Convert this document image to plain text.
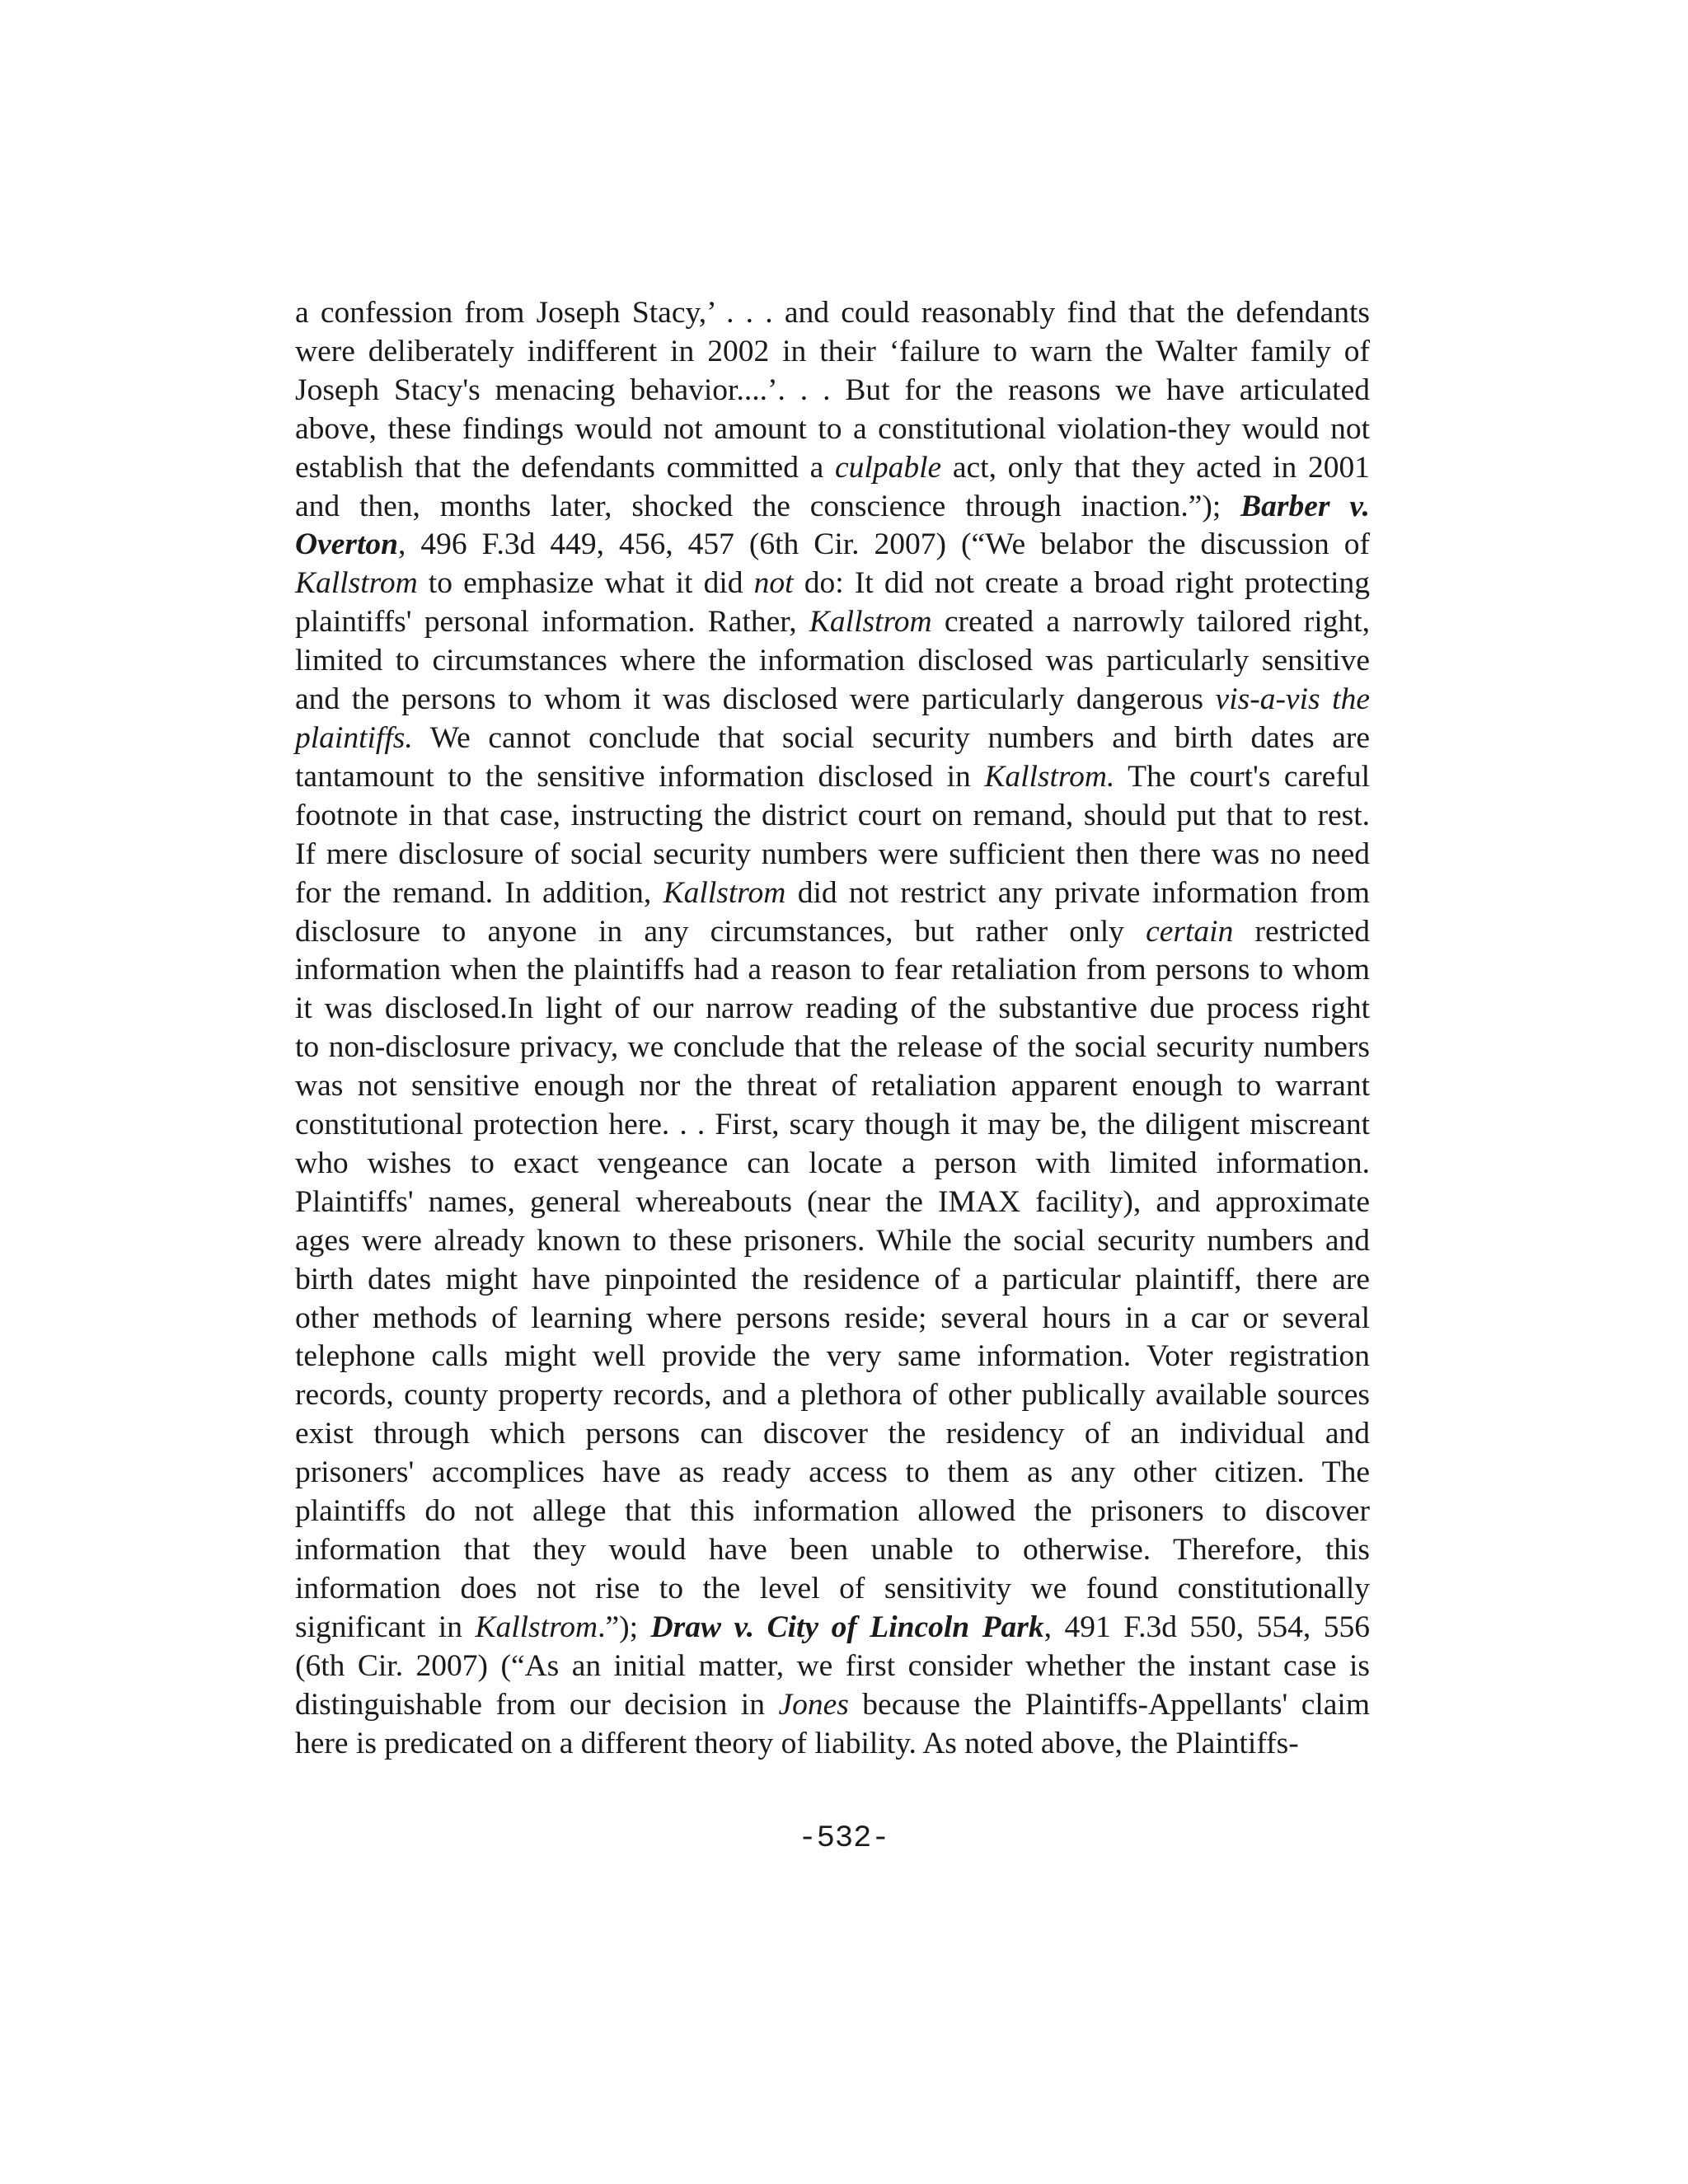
a confession from Joseph Stacy,’ . . . and could reasonably find that the defendants
were deliberately indifferent in 2002 in their ‘failure to warn the Walter family of
Joseph Stacy's menacing behavior....’. . . But for the reasons we have articulated
above, these findings would not amount to a constitutional violation-they would not
establish that the defendants committed a culpable act, only that they acted in 2001
and then, months later, shocked the conscience through inaction.”); Barber v.
Overton, 496 F.3d 449, 456, 457 (6th Cir. 2007) (“We belabor the discussion of
Kallstrom to emphasize what it did not do: It did not create a broad right protecting
plaintiffs' personal information. Rather, Kallstrom created a narrowly tailored right,
limited to circumstances where the information disclosed was particularly sensitive
and the persons to whom it was disclosed were particularly dangerous vis-a-vis the
plaintiffs. We cannot conclude that social security numbers and birth dates are
tantamount to the sensitive information disclosed in Kallstrom. The court's careful
footnote in that case, instructing the district court on remand, should put that to rest.
If mere disclosure of social security numbers were sufficient then there was no need
for the remand. In addition, Kallstrom did not restrict any private information from
disclosure to anyone in any circumstances, but rather only certain restricted
information when the plaintiffs had a reason to fear retaliation from persons to whom
it was disclosed.In light of our narrow reading of the substantive due process right
to non-disclosure privacy, we conclude that the release of the social security numbers
was not sensitive enough nor the threat of retaliation apparent enough to warrant
constitutional protection here. . . First, scary though it may be, the diligent miscreant
who wishes to exact vengeance can locate a person with limited information.
Plaintiffs' names, general whereabouts (near the IMAX facility), and approximate
ages were already known to these prisoners. While the social security numbers and
birth dates might have pinpointed the residence of a particular plaintiff, there are
other methods of learning where persons reside; several hours in a car or several
telephone calls might well provide the very same information. Voter registration
records, county property records, and a plethora of other publically available sources
exist through which persons can discover the residency of an individual and
prisoners' accomplices have as ready access to them as any other citizen. The
plaintiffs do not allege that this information allowed the prisoners to discover
information that they would have been unable to otherwise. Therefore, this
information does not rise to the level of sensitivity we found constitutionally
significant in Kallstrom.”); Draw v. City of Lincoln Park, 491 F.3d 550, 554, 556
(6th Cir. 2007) (“As an initial matter, we first consider whether the instant case is
distinguishable from our decision in Jones because the Plaintiffs-Appellants' claim
here is predicated on a different theory of liability. As noted above, the Plaintiffs-
-532-
